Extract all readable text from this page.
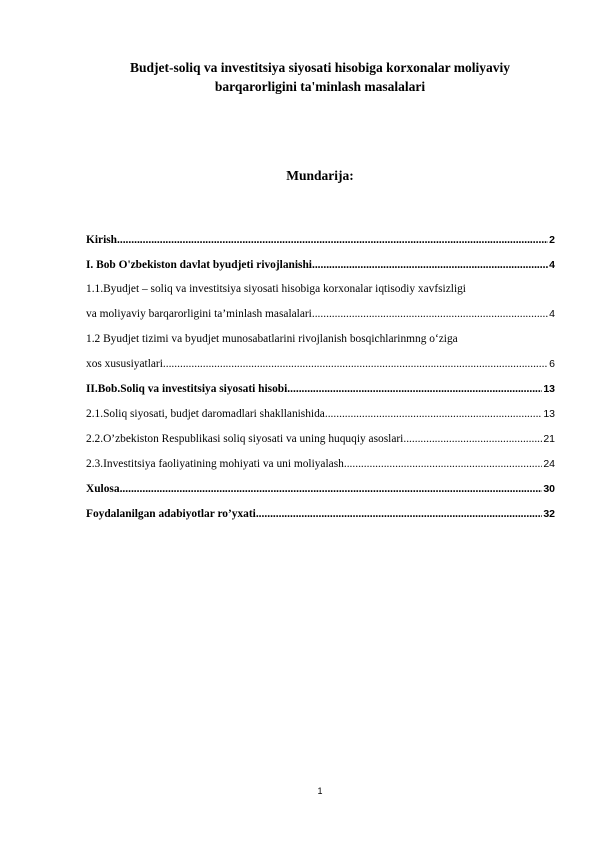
Budjet-soliq va investitsiya siyosati hisobiga korxonalar moliyaviy barqarorligini ta'minlash masalalari
Mundarija:
Kirish .....	2
I. Bob O'zbekiston davlat byudjeti rivojlanishi .....	4
1.1.Byudjet – soliq va investitsiya siyosati hisobiga korxonalar iqtisodiy xavfsizligi
va moliyaviy barqarorligini ta’minlash masalalari .....	4
1.2 Byudjet tizimi va byudjet munosabatlarini rivojlanish bosqichlarinmng o‘ziga
xos xususiyatlari .....	6
II.Bob.Soliq va investitsiya siyosati hisobi .....	13
2.1.Soliq siyosati, budjet daromadlari shakllanishida .....	13
2.2.O’zbekiston Respublikasi soliq siyosati va uning huquqiy asoslari .....	21
2.3.Investitsiya faoliyatining mohiyati va uni moliyalash .....	24
Xulosa .....	30
Foydalanilgan adabiyotlar ro’yxati .....	32
1
